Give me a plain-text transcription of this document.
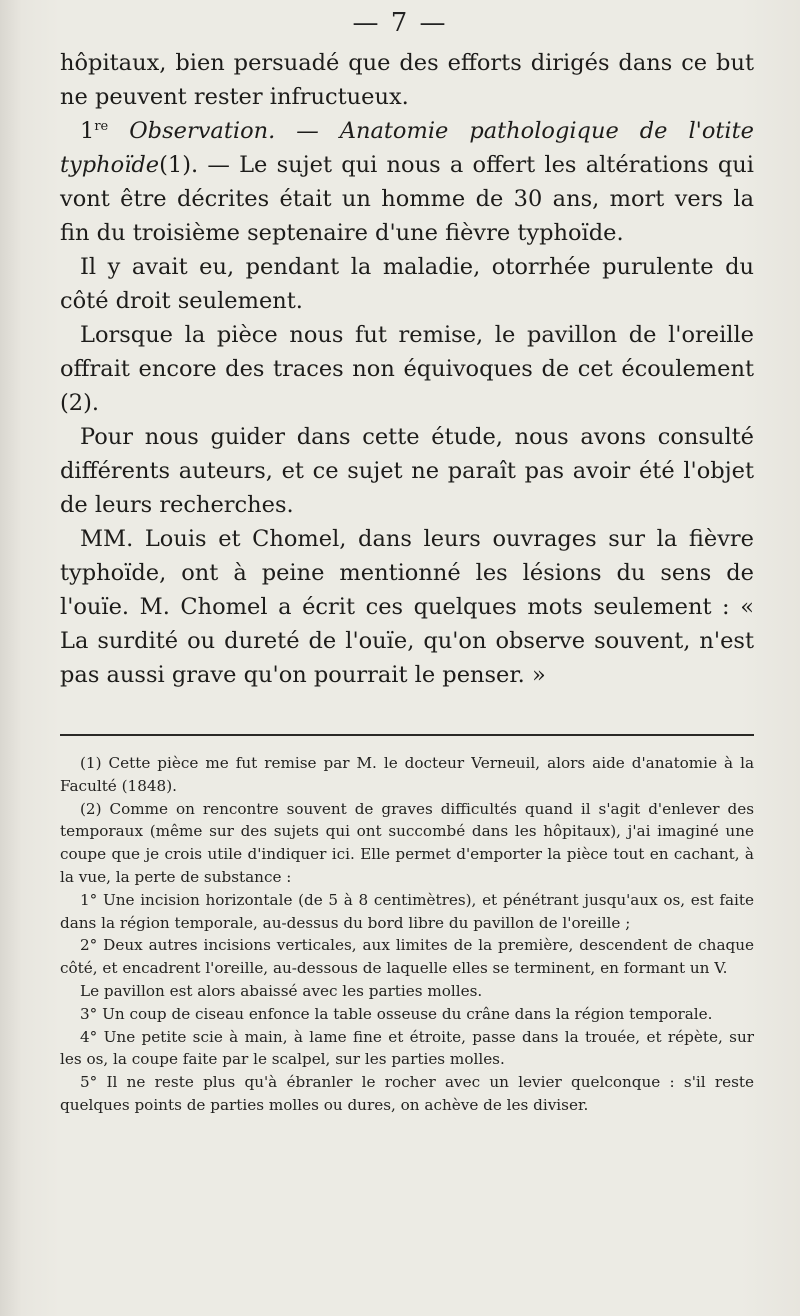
— 7 —

hôpitaux, bien persuadé que des efforts dirigés dans ce but ne peuvent rester infructueux.

1re Observation. — Anatomie pathologique de l'otite typhoïde(1). — Le sujet qui nous a offert les altérations qui vont être décrites était un homme de 30 ans, mort vers la fin du troisième septenaire d'une fièvre typhoïde.

Il y avait eu, pendant la maladie, otorrhée purulente du côté droit seulement.

Lorsque la pièce nous fut remise, le pavillon de l'oreille offrait encore des traces non équivoques de cet écoulement (2).

Pour nous guider dans cette étude, nous avons consulté différents auteurs, et ce sujet ne paraît pas avoir été l'objet de leurs recherches.

MM. Louis et Chomel, dans leurs ouvrages sur la fièvre typhoïde, ont à peine mentionné les lésions du sens de l'ouïe. M. Chomel a écrit ces quelques mots seulement : « La surdité ou dureté de l'ouïe, qu'on observe souvent, n'est pas aussi grave qu'on pourrait le penser. »

(1) Cette pièce me fut remise par M. le docteur Verneuil, alors aide d'anatomie à la Faculté (1848).

(2) Comme on rencontre souvent de graves difficultés quand il s'agit d'enlever des temporaux (même sur des sujets qui ont succombé dans les hôpitaux), j'ai imaginé une coupe que je crois utile d'indiquer ici. Elle permet d'emporter la pièce tout en cachant, à la vue, la perte de substance :

1° Une incision horizontale (de 5 à 8 centimètres), et pénétrant jusqu'aux os, est faite dans la région temporale, au-dessus du bord libre du pavillon de l'oreille ;

2° Deux autres incisions verticales, aux limites de la première, descendent de chaque côté, et encadrent l'oreille, au-dessous de laquelle elles se terminent, en formant un V.

Le pavillon est alors abaissé avec les parties molles.

3° Un coup de ciseau enfonce la table osseuse du crâne dans la région temporale.

4° Une petite scie à main, à lame fine et étroite, passe dans la trouée, et répète, sur les os, la coupe faite par le scalpel, sur les parties molles.

5° Il ne reste plus qu'à ébranler le rocher avec un levier quelconque : s'il reste quelques points de parties molles ou dures, on achève de les diviser.
